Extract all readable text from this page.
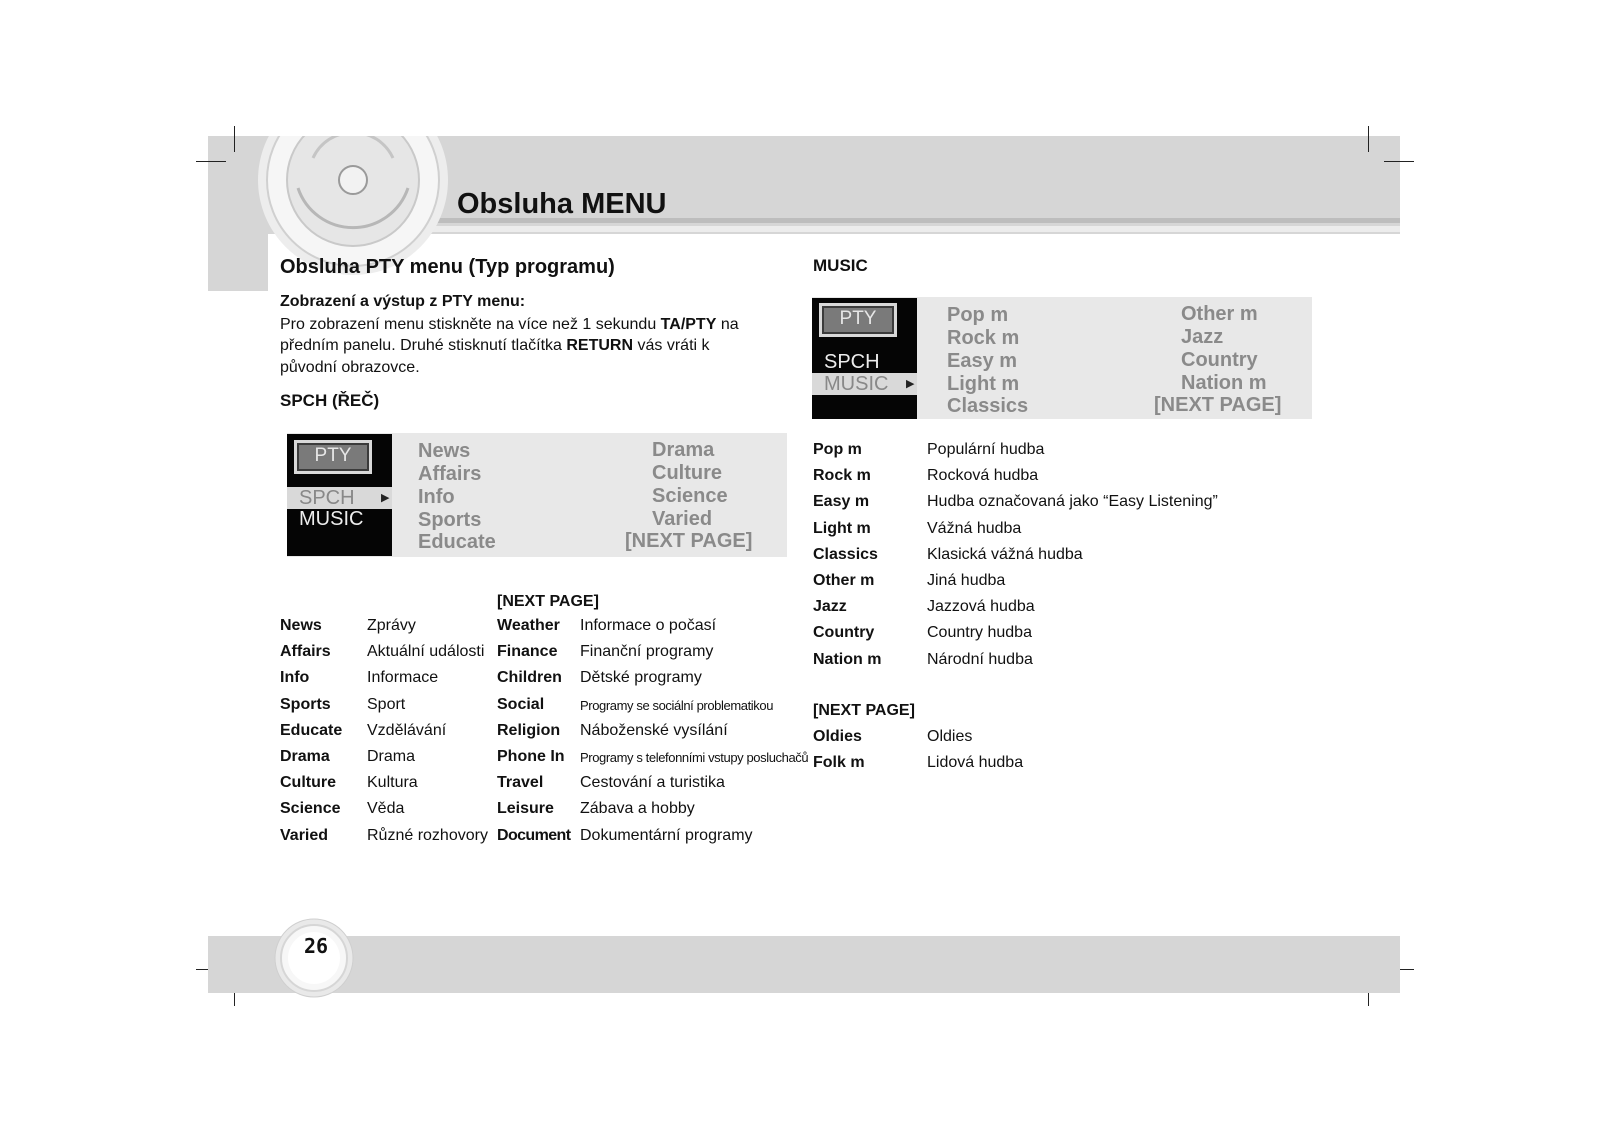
Obsluha MENU
Obsluha PTY menu (Typ programu)
Zobrazení a výstup z PTY menu:
Pro zobrazení menu stiskněte na více než 1 sekundu TA/PTY na
předním panelu. Druhé stisknutí tlačítka RETURN vás vráti k
původní obrazovce.
SPCH (ŘEČ)
PTY
SPCH ▶
MUSIC
News
Affairs
Info
Sports
Educate
Drama
Culture
Science
Varied
[NEXT PAGE]
News	Zprávy
Affairs Aktuální události
Info	Informace
Sports Sport
Educate Vzdělávání
Drama Drama
Culture Kultura
Science Věda
Varied Různé rozhovory
[NEXT PAGE]
Weather Informace o počasí
Finance Finanční programy
Children Dětské programy
Social	Programy se sociální problematikou
Religion Náboženské vysílání
Phone In Programy s telefonními vstupy posluchačů
Travel Cestování a turistika
Leisure Zábava a hobby
Document Dokumentární programy
MUSIC
PTY
SPCH
MUSIC ▶
Pop m
Rock m
Easy m
Light m
Classics
Other m
Jazz
Country
Nation m
[NEXT PAGE]
Pop m	Populární hudba
Rock m	Rocková hudba
Easy m	Hudba označovaná jako “Easy Listening”
Light m	Vážná hudba
Classics	Klasická vážná hudba
Other m	Jiná hudba
Jazz	Jazzová hudba
Country	Country hudba
Nation m	Národní hudba
[NEXT PAGE]
Oldies	Oldies
Folk m	Lidová hudba
26
